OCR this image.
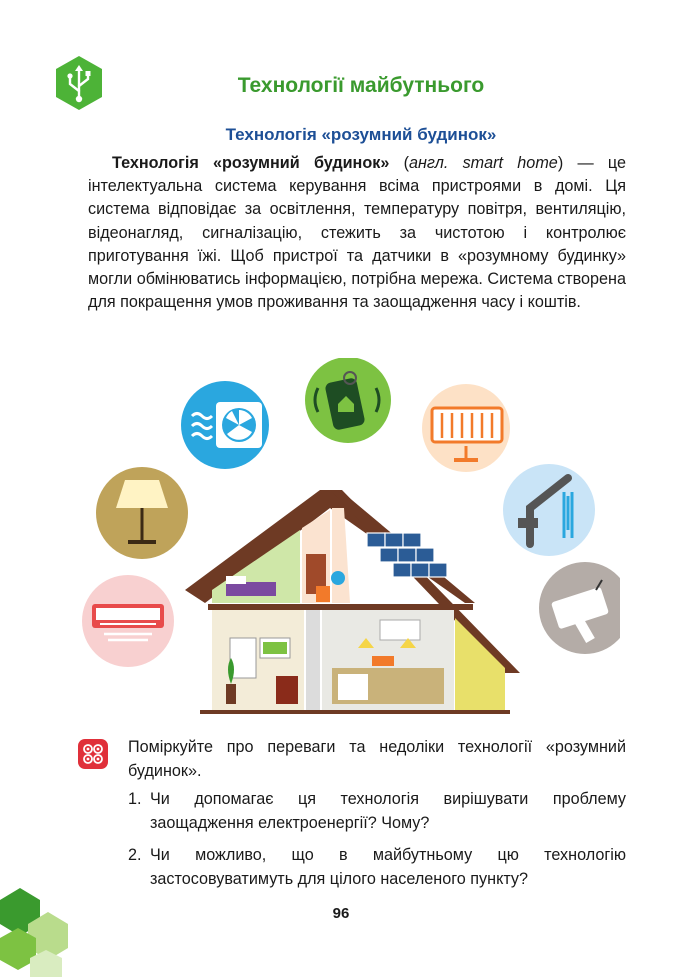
Технології майбутнього
Технологія «розумний будинок»
Технологія «розумний будинок» (англ. smart home) — це інтелектуальна система керування всіма пристроями в домі. Ця система відповідає за освітлення, температуру повітря, вентиляцію, відеонагляд, сигналізацію, стежить за чистотою і контролює приготування їжі. Щоб пристрої та датчики в «розумному будинку» могли обмінюватись інформацією, потрібна мережа. Система створена для покращення умов проживання та заощадження часу і коштів.
Поміркуйте про переваги та недоліки технології «розумний будинок».
1. Чи допомагає ця технологія вирішувати проблему заощадження електроенергії? Чому?
2. Чи можливо, що в майбутньому цю технологію застосовуватимуть для цілого населеного пункту?
96
